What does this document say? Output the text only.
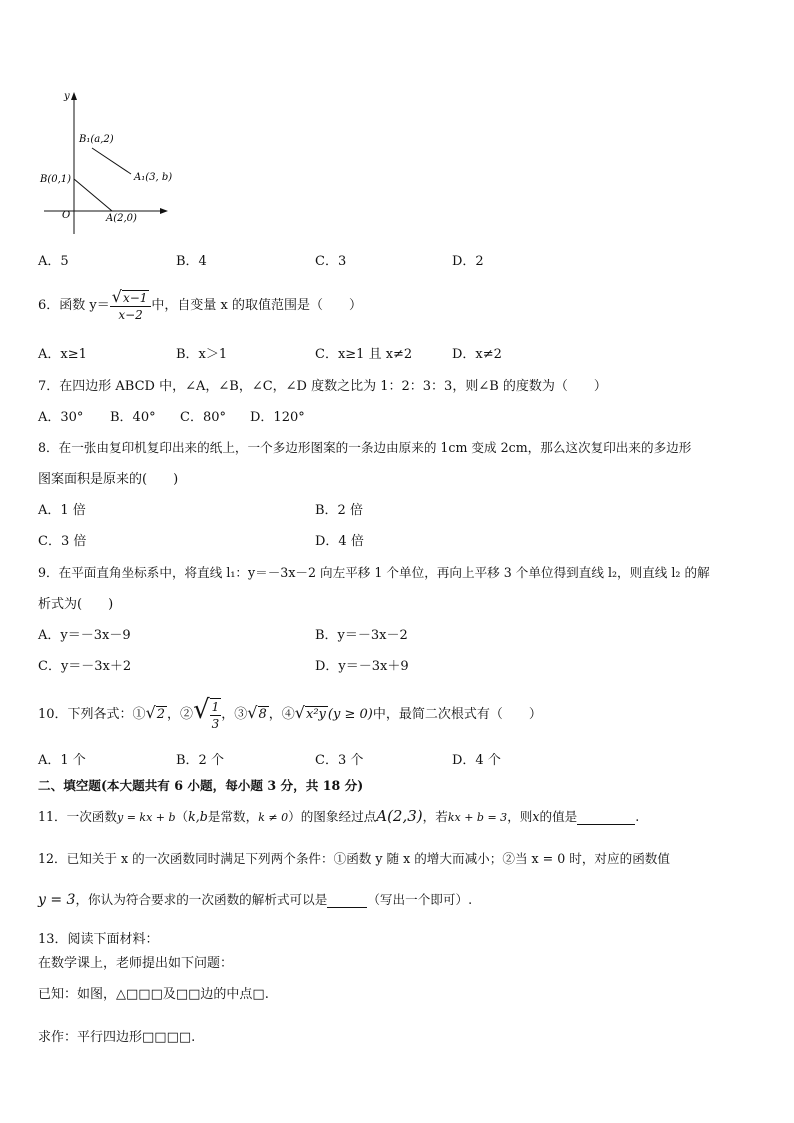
y
O
B(0,1)
A(2,0)
B₁(a,2)
A₁(3, b)
A．5	B．4	C．3	D．2
6．函数 $y= \frac{√x-1}{x-2}$ 中，自变量 x 的取值范围是（　　）
A．x≥1	B．x＞1	C．x≥1 且 x≠2	D．x≠2
7．在四边形 ABCD 中，∠A，∠B，∠C，∠D 度数之比为 1：2：3：3，则∠B 的度数为（　　）
A．30° B．40° C．80° D．120°
8．在一张由复印机复印出来的纸上，一个多边形图案的一条边由原来的 1cm 变成 2cm，那么这次复印出来的多边形
图案面积是原来的(　　)
A．1 倍	B．2 倍
C．3 倍	D．4 倍
9．在平面直角坐标系中，将直线 l₁：y＝－3x－2 向左平移 1 个单位，再向上平移 3 个单位得到直线 l₂，则直线 l₂ 的解
析式为(　　)
A．y＝－3x－9	B．y＝－3x－2
C．y＝－3x＋2	D．y＝－3x＋9
10．下列各式：①√2 ，②√ $\frac{1}{3}$ ，③√8 ，④√x²y (y ≥ 0)中，最简二次根式有（　　）
A．1 个	B．2 个	C．3 个	D．4 个
二、填空题(本大题共有 6 小题，每小题 3 分，共 18 分)
11．一次函数y = kx + b（k,b是常数，k ≠ 0）的图象经过点A(2,3)，若kx + b = 3，则x的值是	.
12．已知关于 x 的一次函数同时满足下列两个条件：①函数 y 随 x 的增大而减小；②当 x = 0 时，对应的函数值
y = 3，你认为符合要求的一次函数的解析式可以是	（写出一个即可）.
13．阅读下面材料：
在数学课上，老师提出如下问题：
已知：如图，△□□□及□□边的中点□.
求作：平行四边形□□□□.
